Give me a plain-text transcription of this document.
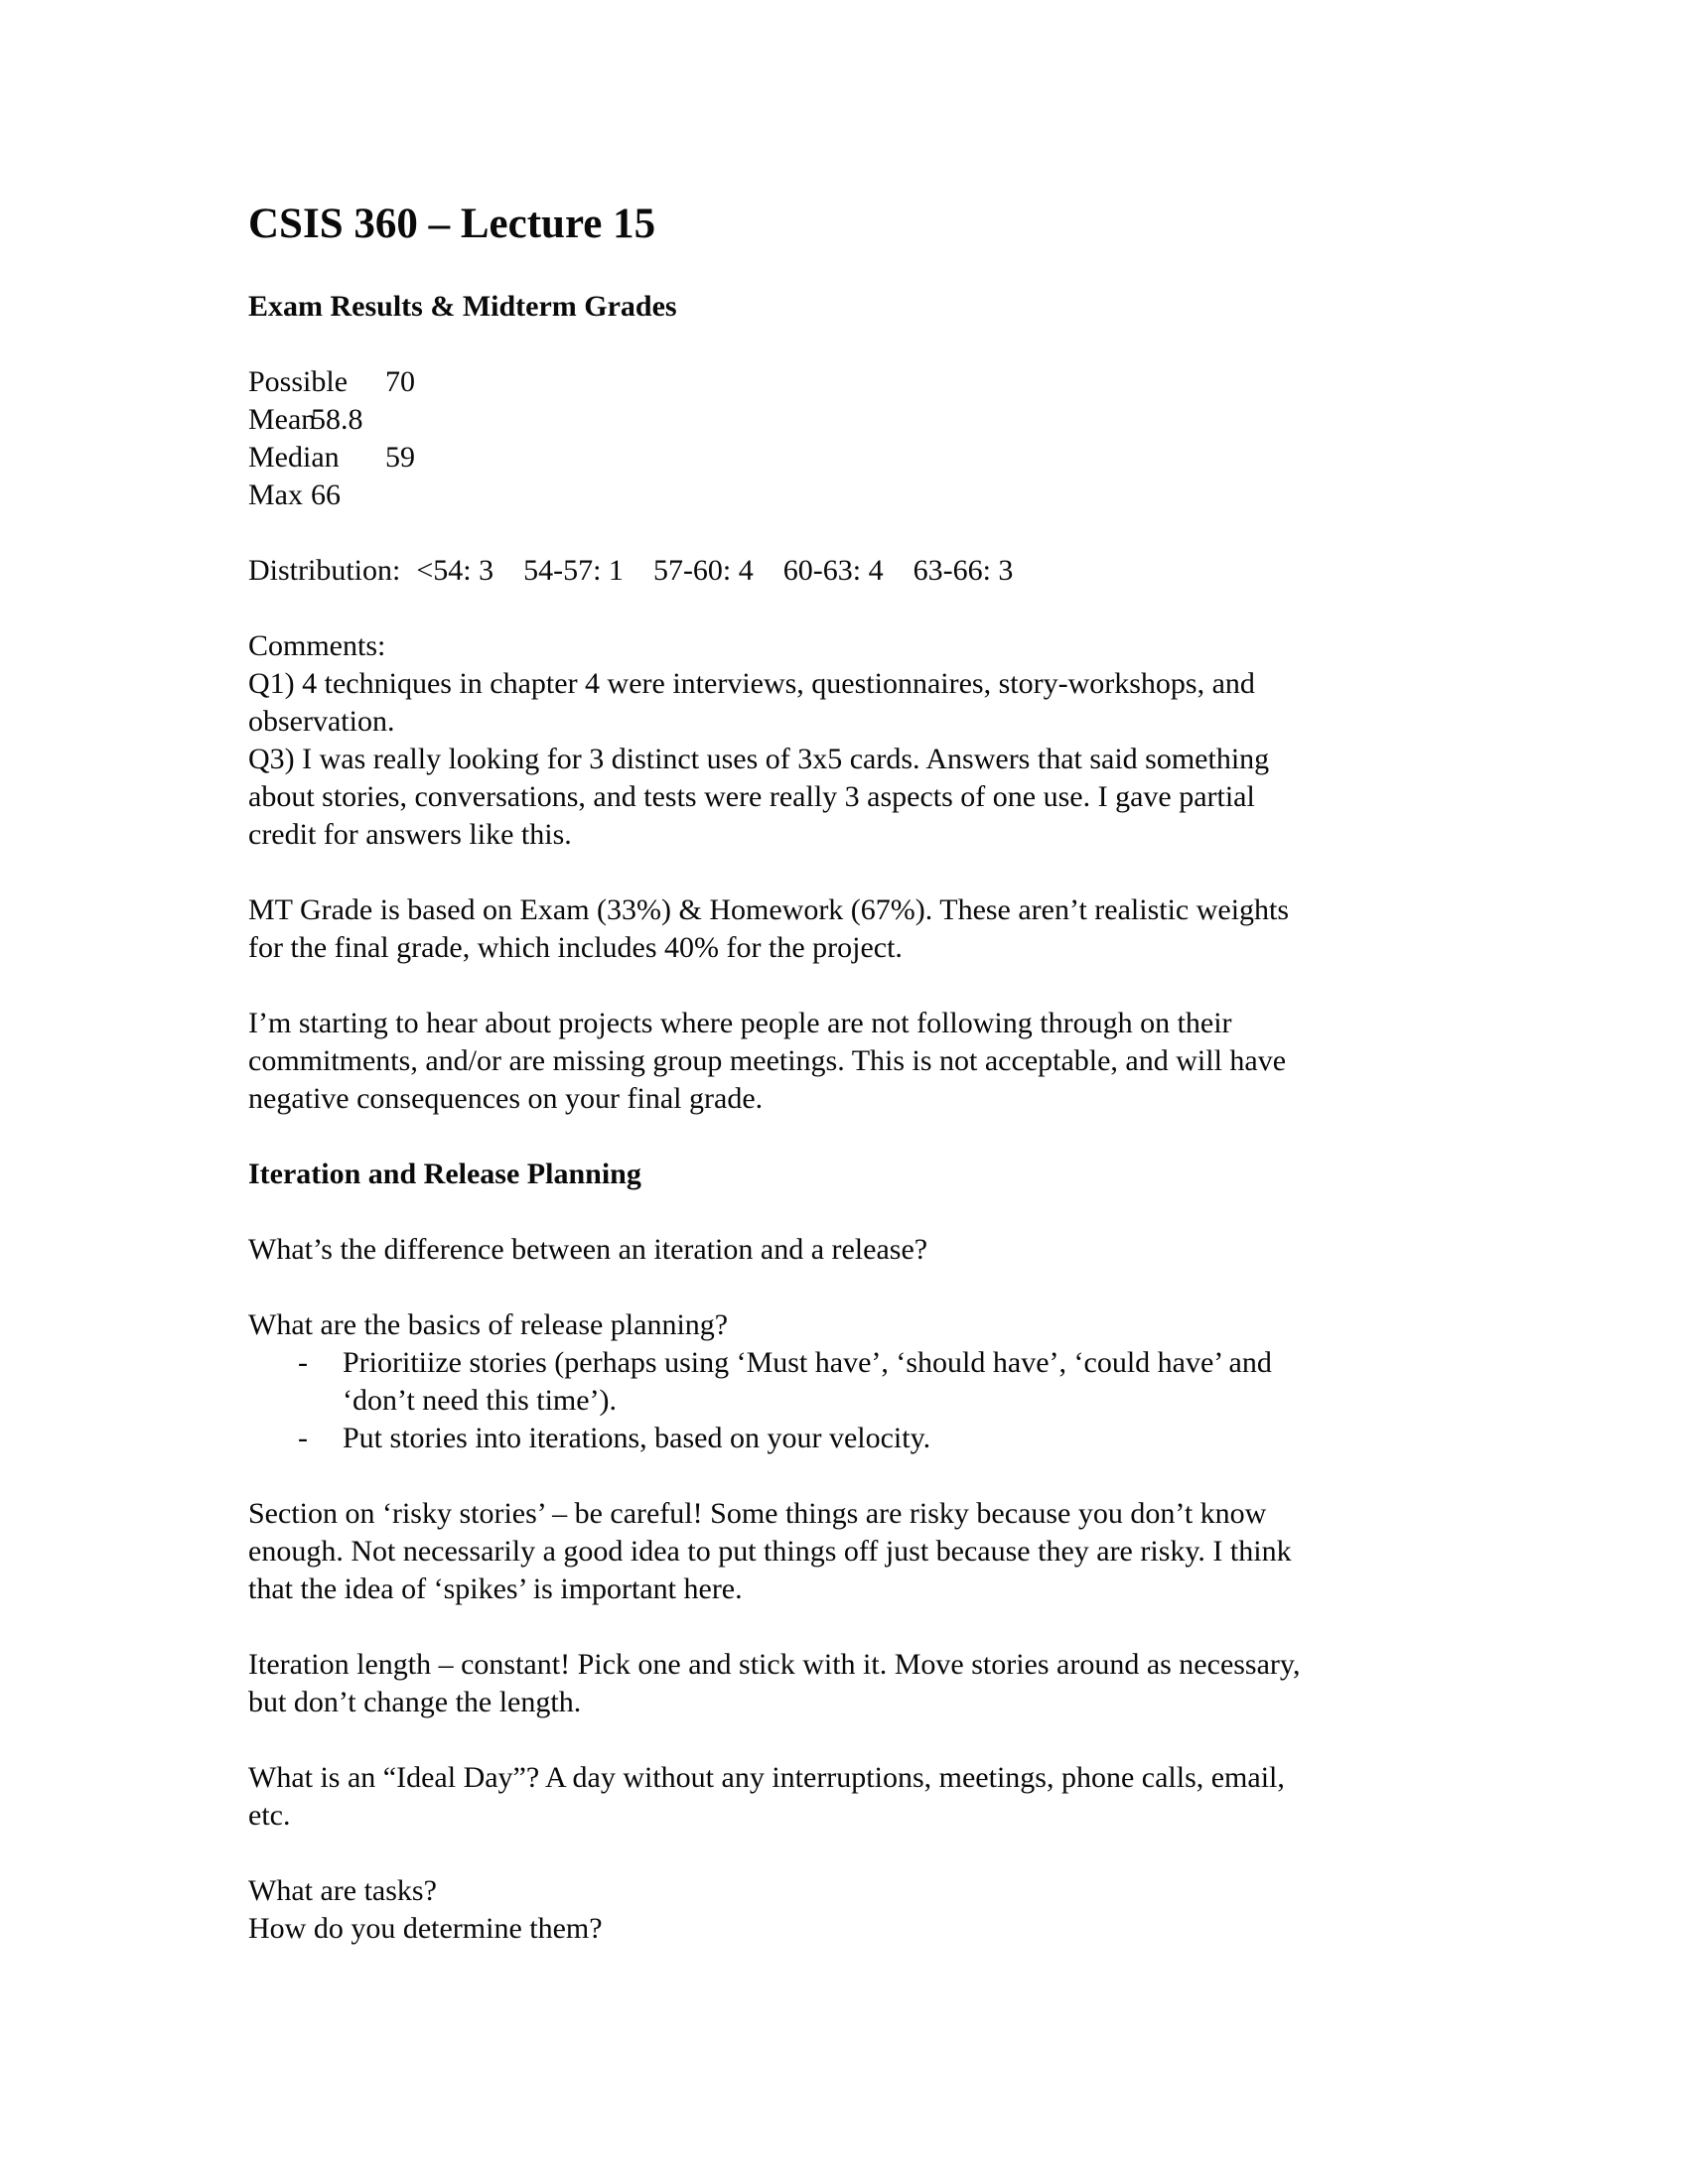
CSIS 360 – Lecture 15
Exam Results & Midterm Grades
Possible 70
Mean
58.8
Median 59
Max 66
Distribution: <54: 3 54-57: 1 57-60: 4 60-63: 4 63-66: 3
Comments:
Q1) 4 techniques in chapter 4 were interviews, questionnaires, story-workshops, and
observation.
Q3) I was really looking for 3 distinct uses of 3x5 cards. Answers that said something
about stories, conversations, and tests were really 3 aspects of one use. I gave partial
credit for answers like this.
MT Grade is based on Exam (33%) & Homework (67%). These aren’t realistic weights
for the final grade, which includes 40% for the project.
I’m starting to hear about projects where people are not following through on their
commitments, and/or are missing group meetings. This is not acceptable, and will have
negative consequences on your final grade.
Iteration and Release Planning
What’s the difference between an iteration and a release?
What are the basics of release planning?
-	Prioritiize stories (perhaps using ‘Must have’, ‘should have’, ‘could have’ and
‘don’t need this time’).
-	Put stories into iterations, based on your velocity.
Section on ‘risky stories’ – be careful! Some things are risky because you don’t know
enough. Not necessarily a good idea to put things off just because they are risky. I think
that the idea of ‘spikes’ is important here.
Iteration length – constant! Pick one and stick with it. Move stories around as necessary,
but don’t change the length.
What is an “Ideal Day”? A day without any interruptions, meetings, phone calls, email,
etc.
What are tasks?
How do you determine them?
